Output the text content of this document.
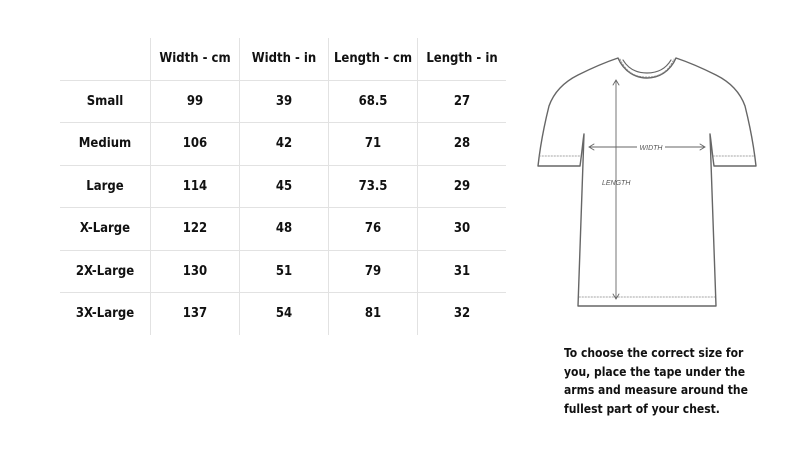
	Width - cm	Width - in	Length - cm	Length - in
Small	99	39	68.5	27
Medium	106	42	71	28
Large	114	45	73.5	29
X-Large	122	48	76	30
2X-Large	130	51	79	31
3X-Large	137	54	81	32
WIDTH
LENGTH
To choose the correct size for you, place the tape under the arms and measure around the fullest part of your chest.
